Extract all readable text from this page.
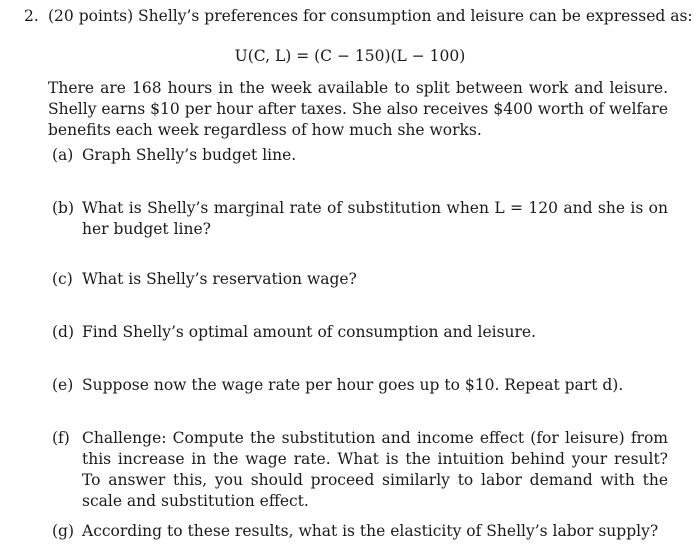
2. (20 points) Shelly’s preferences for consumption and leisure can be expressed as:
U(C, L) = (C − 150)(L − 100)
There are 168 hours in the week available to split between work and leisure. Shelly earns $10 per hour after taxes. She also receives $400 worth of welfare benefits each week regardless of how much she works.
(a) Graph Shelly’s budget line.
(b) What is Shelly’s marginal rate of substitution when L = 120 and she is on her budget line?
(c) What is Shelly’s reservation wage?
(d) Find Shelly’s optimal amount of consumption and leisure.
(e) Suppose now the wage rate per hour goes up to $10. Repeat part d).
(f) Challenge: Compute the substitution and income effect (for leisure) from this increase in the wage rate. What is the intuition behind your result? To answer this, you should proceed similarly to labor demand with the scale and substitution effect.
(g) According to these results, what is the elasticity of Shelly’s labor supply?
